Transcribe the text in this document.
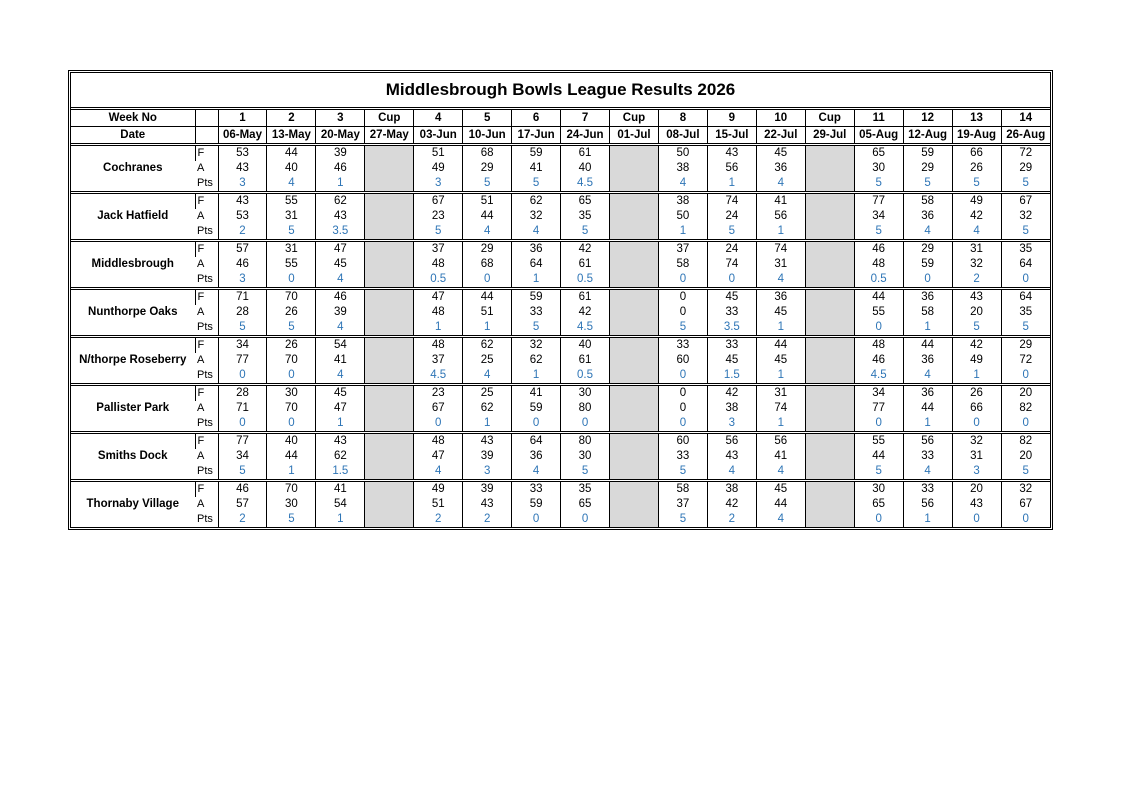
Middlesbrough Bowls League Results 2026
Week No		1	2	3	Cup	4	5	6	7	Cup	8	9	10	Cup	11	12	13	14
Date		06-May	13-May	20-May	27-May	03-Jun	10-Jun	17-Jun	24-Jun	01-Jul	08-Jul	15-Jul	22-Jul	29-Jul	05-Aug	12-Aug	19-Aug	26-Aug
Cochranes	F	53	44	39		51	68	59	61		50	43	45		65	59	66	72
	A	43	40	46		49	29	41	40		38	56	36		30	29	26	29
	Pts	3	4	1		3	5	5	4.5		4	1	4		5	5	5	5
Jack Hatfield	F	43	55	62		67	51	62	65		38	74	41		77	58	49	67
	A	53	31	43		23	44	32	35		50	24	56		34	36	42	32
	Pts	2	5	3.5		5	4	4	5		1	5	1		5	4	4	5
Middlesbrough	F	57	31	47		37	29	36	42		37	24	74		46	29	31	35
	A	46	55	45		48	68	64	61		58	74	31		48	59	32	64
	Pts	3	0	4		0.5	0	1	0.5		0	0	4		0.5	0	2	0
Nunthorpe Oaks	F	71	70	46		47	44	59	61		0	45	36		44	36	43	64
	A	28	26	39		48	51	33	42		0	33	45		55	58	20	35
	Pts	5	5	4		1	1	5	4.5		5	3.5	1		0	1	5	5
N/thorpe Roseberry	F	34	26	54		48	62	32	40		33	33	44		48	44	42	29
	A	77	70	41		37	25	62	61		60	45	45		46	36	49	72
	Pts	0	0	4		4.5	4	1	0.5		0	1.5	1		4.5	4	1	0
Pallister Park	F	28	30	45		23	25	41	30		0	42	31		34	36	26	20
	A	71	70	47		67	62	59	80		0	38	74		77	44	66	82
	Pts	0	0	1		0	1	0	0		0	3	1		0	1	0	0
Smiths Dock	F	77	40	43		48	43	64	80		60	56	56		55	56	32	82
	A	34	44	62		47	39	36	30		33	43	41		44	33	31	20
	Pts	5	1	1.5		4	3	4	5		5	4	4		5	4	3	5
Thornaby Village	F	46	70	41		49	39	33	35		58	38	45		30	33	20	32
	A	57	30	54		51	43	59	65		37	42	44		65	56	43	67
	Pts	2	5	1		2	2	0	0		5	2	4		0	1	0	0
